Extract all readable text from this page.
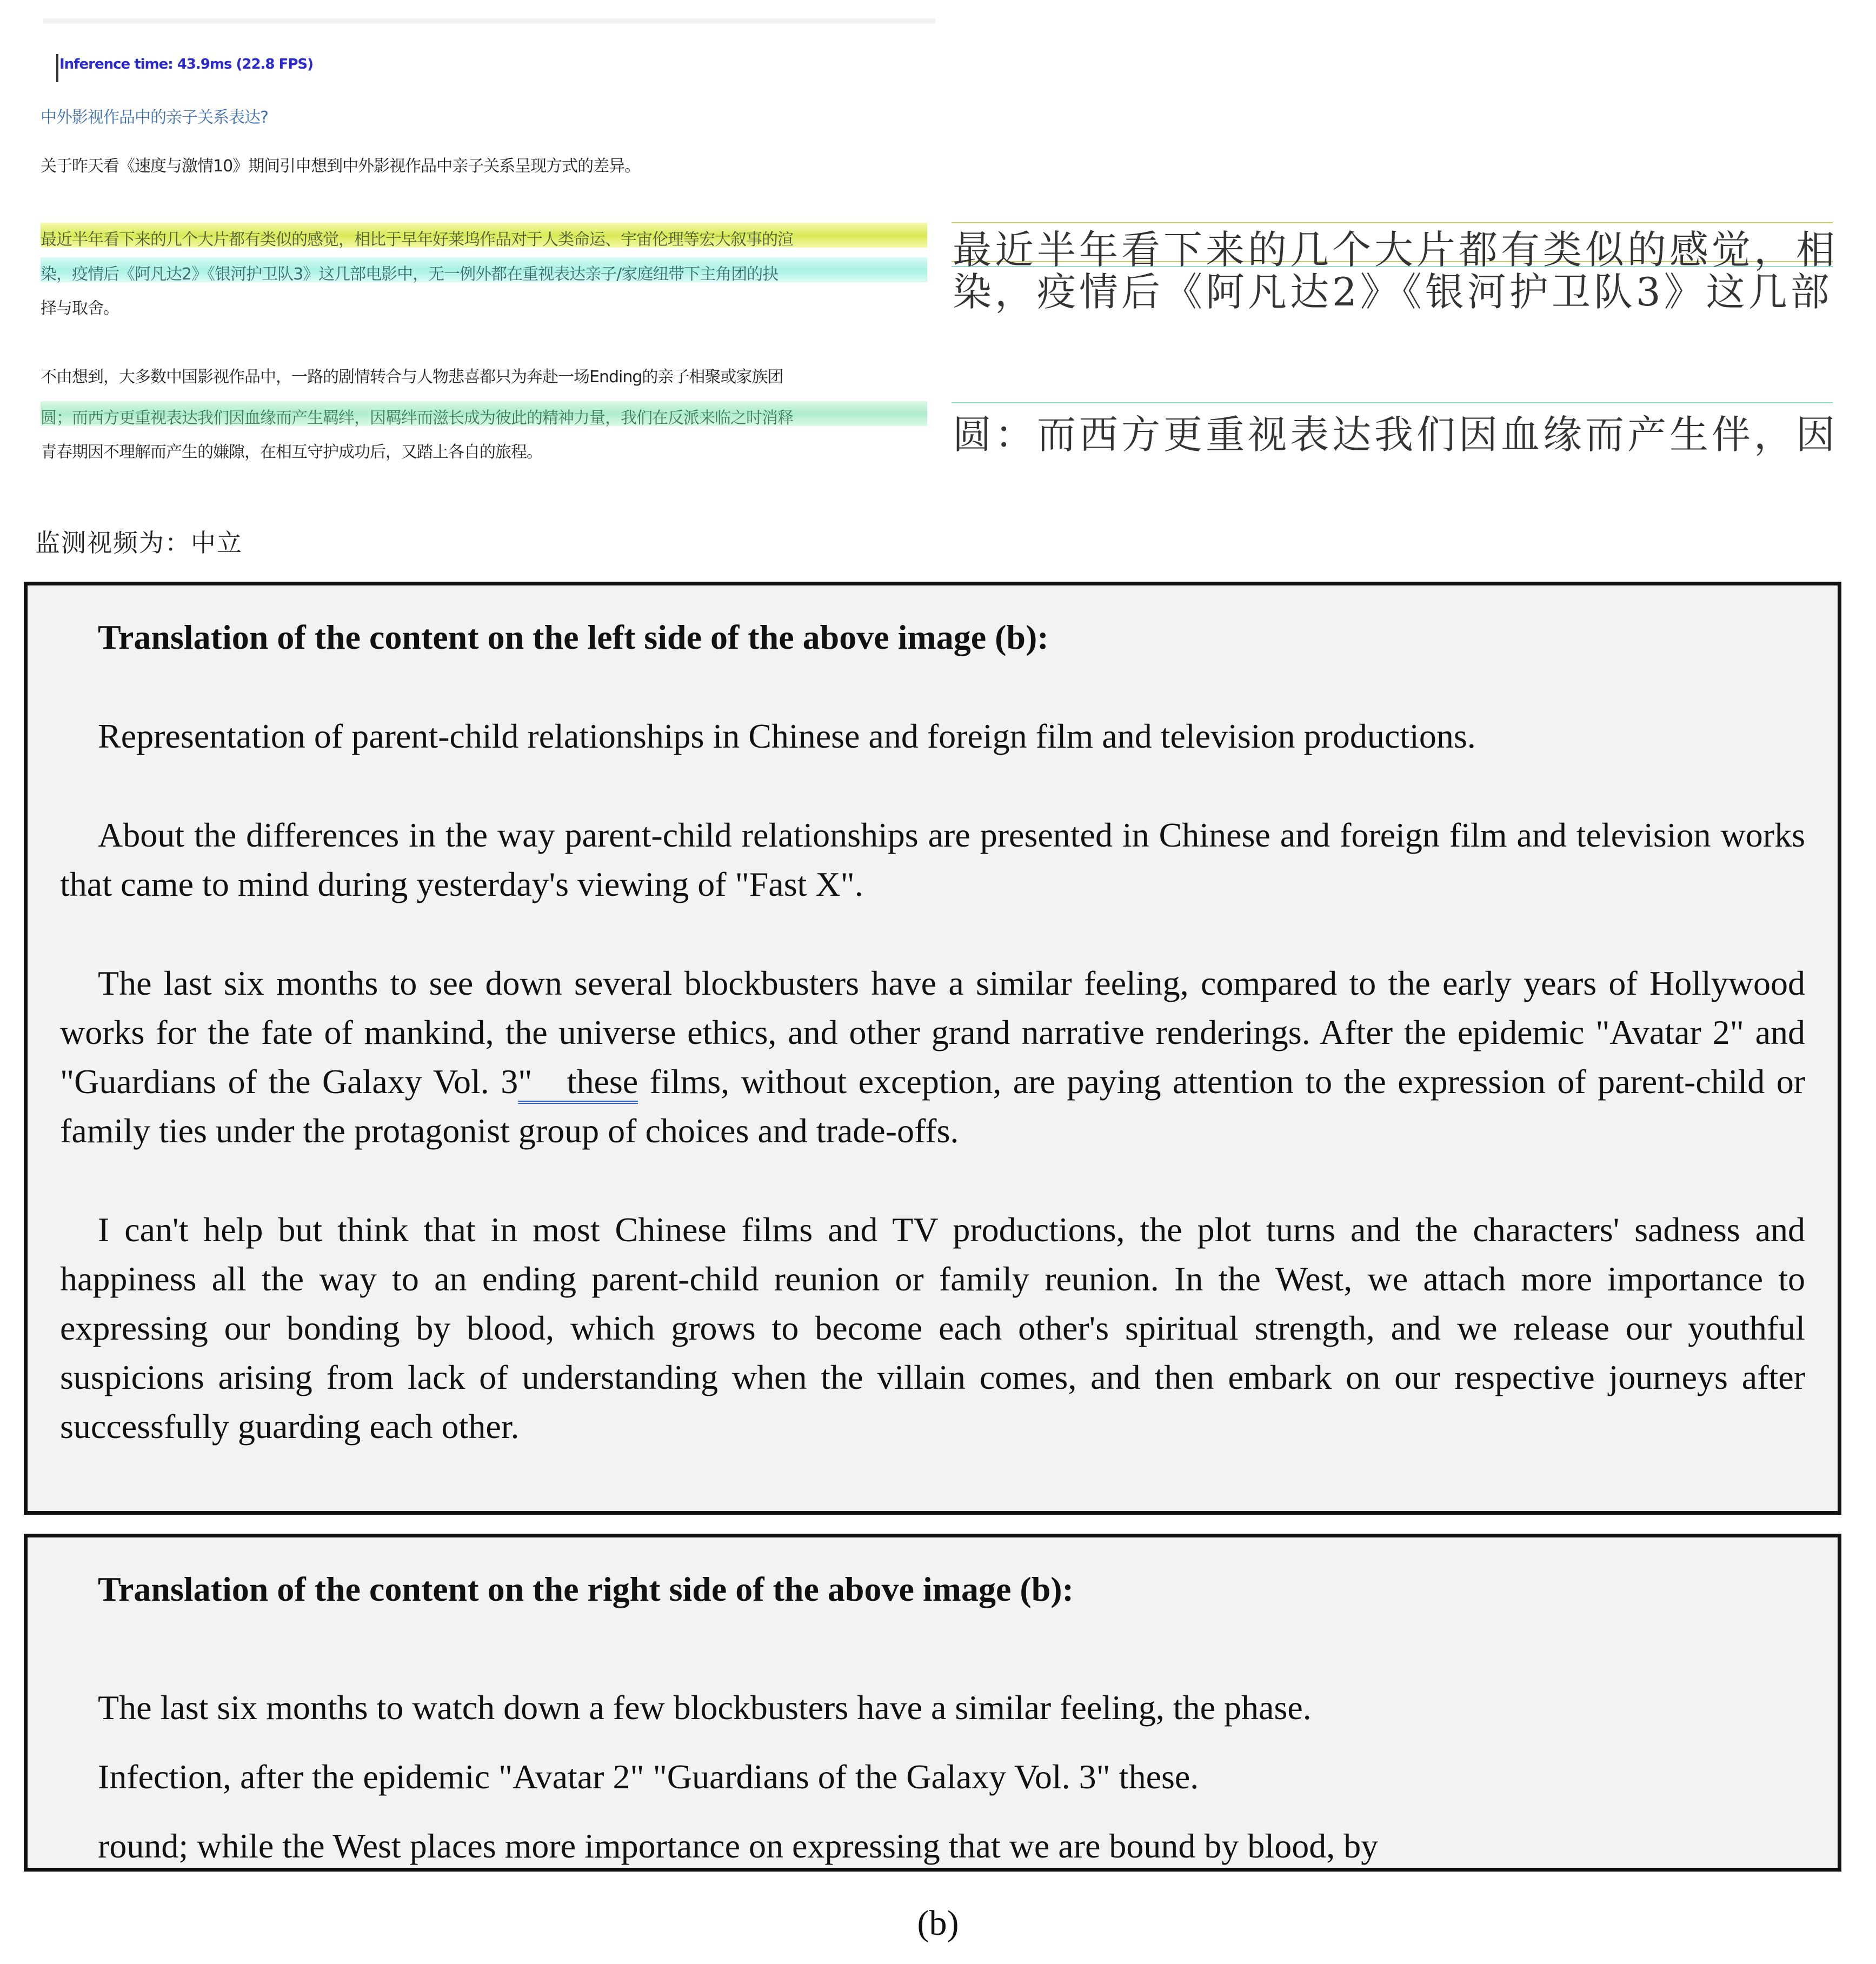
Inference time: 43.9ms (22.8 FPS)
中外影视作品中的亲子关系表达?
关于昨天看《速度与激情10》期间引申想到中外影视作品中亲子关系呈现方式的差异。
最近半年看下来的几个大片都有类似的感觉，相比于早年好莱坞作品对于人类命运、宇宙伦理等宏大叙事的渲
染，疫情后《阿凡达2》《银河护卫队3》这几部电影中，无一例外都在重视表达亲子/家庭纽带下主角团的抉
择与取舍。
不由想到，大多数中国影视作品中，一路的剧情转合与人物悲喜都只为奔赴一场Ending的亲子相聚或家族团
圆；而西方更重视表达我们因血缘而产生羁绊，因羁绊而滋长成为彼此的精神力量，我们在反派来临之时消释
青春期因不理解而产生的嫌隙，在相互守护成功后，又踏上各自的旅程。
最近半年看下来的几个大片都有类似的感觉，相
染，疫情后《阿凡达2》《银河护卫队3》这几部
圆：而西方更重视表达我们因血缘而产生伴，因
监测视频为：中立

Translation of the content on the left side of the above image (b):

Representation of parent-child relationships in Chinese and foreign film and television productions.

About the differences in the way parent-child relationships are presented in Chinese and foreign film and television works that came to mind during yesterday's viewing of "Fast X".

The last six months to see down several blockbusters have a similar feeling, compared to the early years of Hollywood works for the fate of mankind, the universe ethics, and other grand narrative renderings. After the epidemic "Avatar 2" and "Guardians of the Galaxy Vol. 3"   these films, without exception, are paying attention to the expression of parent-child or family ties under the protagonist group of choices and trade-offs.

I can't help but think that in most Chinese films and TV productions, the plot turns and the characters' sadness and happiness all the way to an ending parent-child reunion or family reunion. In the West, we attach more importance to expressing our bonding by blood, which grows to become each other's spiritual strength, and we release our youthful suspicions arising from lack of understanding when the villain comes, and then embark on our respective journeys after successfully guarding each other.

Translation of the content on the right side of the above image (b):

The last six months to watch down a few blockbusters have a similar feeling, the phase.

Infection, after the epidemic "Avatar 2" "Guardians of the Galaxy Vol. 3" these.

round; while the West places more importance on expressing that we are bound by blood, by

(b)
